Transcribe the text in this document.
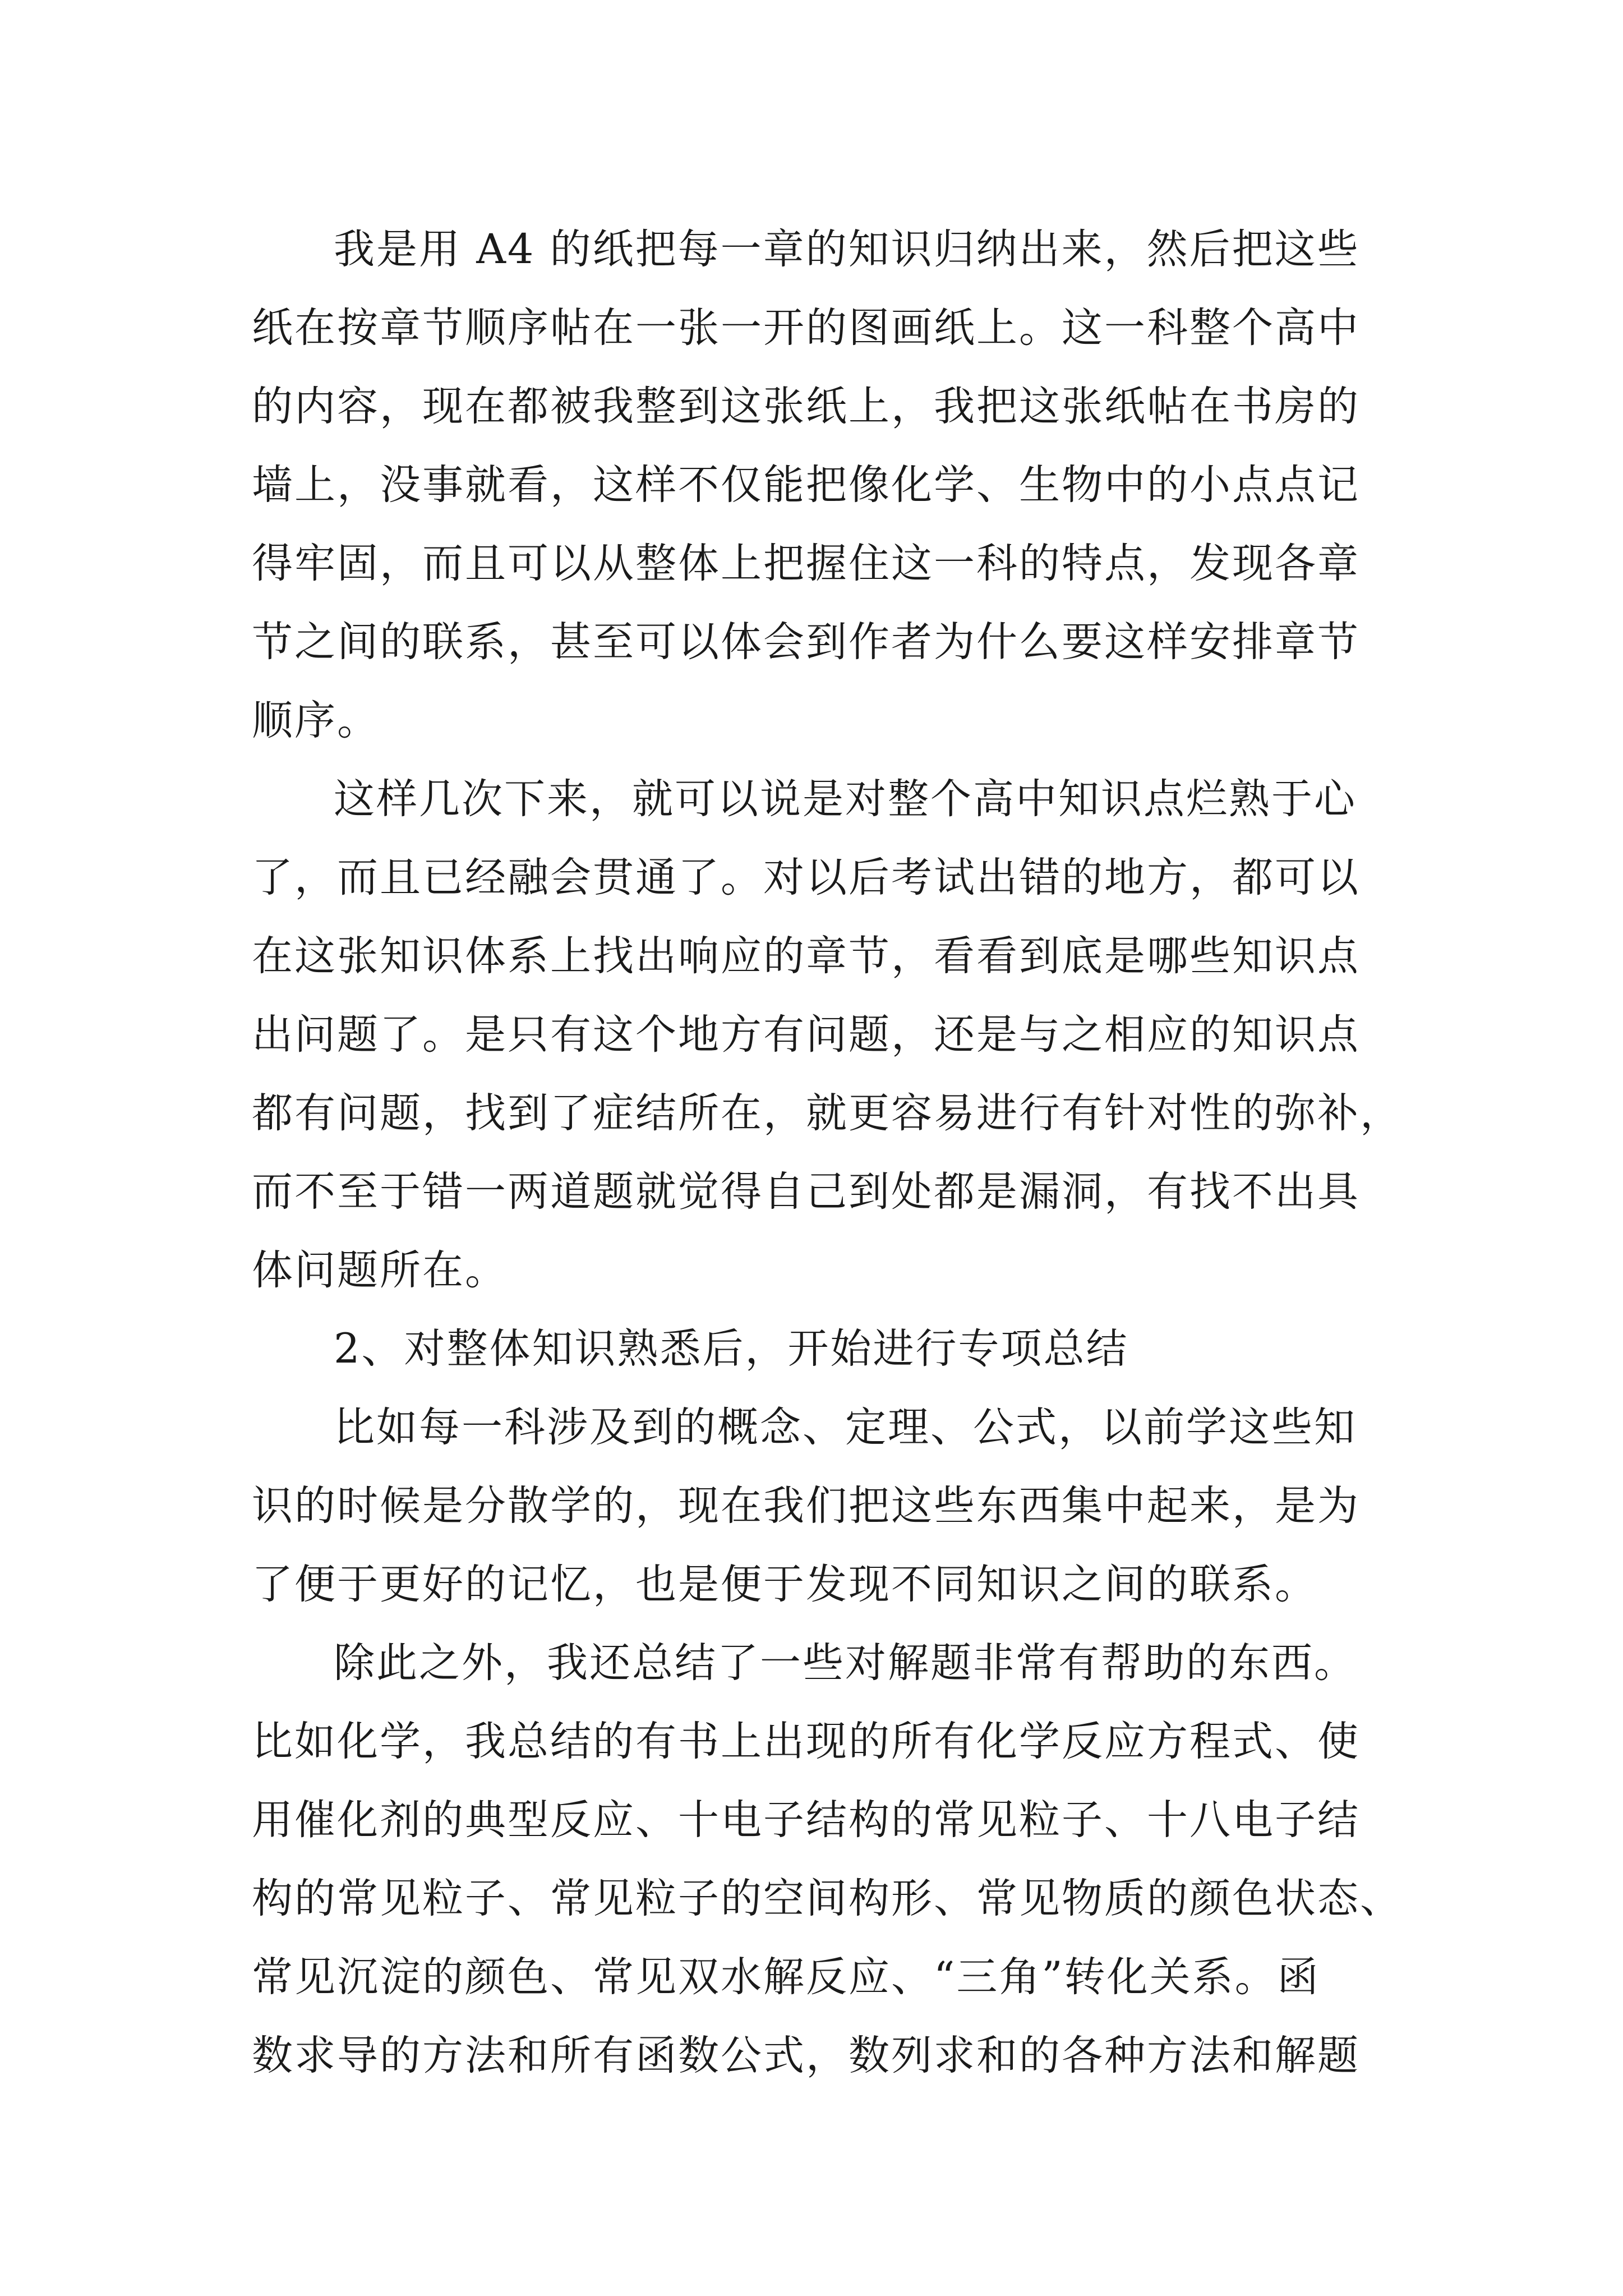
我是用 A4 的纸把每一章的知识归纳出来，然后把这些
纸在按章节顺序帖在一张一开的图画纸上。这一科整个高中
的内容，现在都被我整到这张纸上，我把这张纸帖在书房的
墙上，没事就看，这样不仅能把像化学、生物中的小点点记
得牢固，而且可以从整体上把握住这一科的特点，发现各章
节之间的联系，甚至可以体会到作者为什么要这样安排章节
顺序。

这样几次下来，就可以说是对整个高中知识点烂熟于心
了，而且已经融会贯通了。对以后考试出错的地方，都可以
在这张知识体系上找出响应的章节，看看到底是哪些知识点
出问题了。是只有这个地方有问题，还是与之相应的知识点
都有问题，找到了症结所在，就更容易进行有针对性的弥补，
而不至于错一两道题就觉得自己到处都是漏洞，有找不出具
体问题所在。

2、对整体知识熟悉后，开始进行专项总结

比如每一科涉及到的概念、定理、公式，以前学这些知
识的时候是分散学的，现在我们把这些东西集中起来，是为
了便于更好的记忆，也是便于发现不同知识之间的联系。

除此之外，我还总结了一些对解题非常有帮助的东西。
比如化学，我总结的有书上出现的所有化学反应方程式、使
用催化剂的典型反应、十电子结构的常见粒子、十八电子结
构的常见粒子、常见粒子的空间构形、常见物质的颜色状态、
常见沉淀的颜色、常见双水解反应、“三角”转化关系。函
数求导的方法和所有函数公式，数列求和的各种方法和解题
